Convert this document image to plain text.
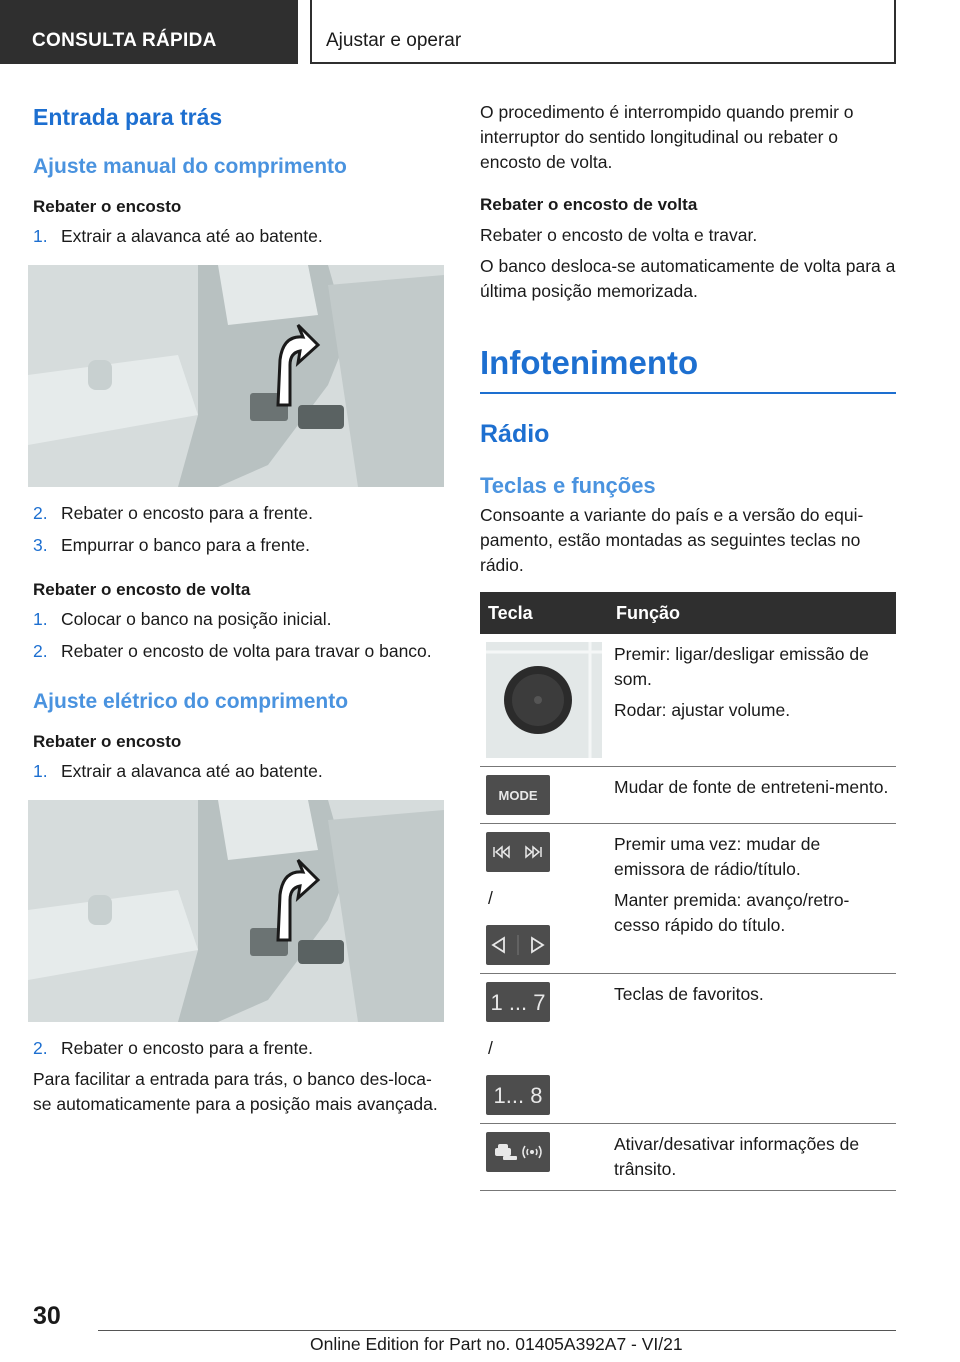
CONSULTA RÁPIDA	Ajustar e operar
Entrada para trás
Ajuste manual do comprimento
Rebater o encosto
1. Extrair a alavanca até ao batente.
2. Rebater o encosto para a frente.
3. Empurrar o banco para a frente.
Rebater o encosto de volta
1. Colocar o banco na posição inicial.
2. Rebater o encosto de volta para travar o banco.
Ajuste elétrico do comprimento
Rebater o encosto
1. Extrair a alavanca até ao batente.
2. Rebater o encosto para a frente.
Para facilitar a entrada para trás, o banco des-loca-se automaticamente para a posição mais avançada.
O procedimento é interrompido quando premir o interruptor do sentido longitudinal ou rebater o encosto de volta.
Rebater o encosto de volta
Rebater o encosto de volta e travar.
O banco desloca-se automaticamente de volta para a última posição memorizada.
Infotenimento
Rádio
Teclas e funções
Consoante a variante do país e a versão do equi-pamento, estão montadas as seguintes teclas no rádio.
Tecla	Função

Premir: ligar/desligar emissão de som.
Rodar: ajustar volume.

MODE	Mudar de fonte de entreteni-mento.

/	Premir uma vez: mudar de emissora de rádio/título.
Manter premida: avanço/retro-cesso rápido do título.

1 ... 7
/
1... 8	Teclas de favoritos.

Ativar/desativar informações de trânsito.
30
Online Edition for Part no. 01405A392A7 - VI/21
